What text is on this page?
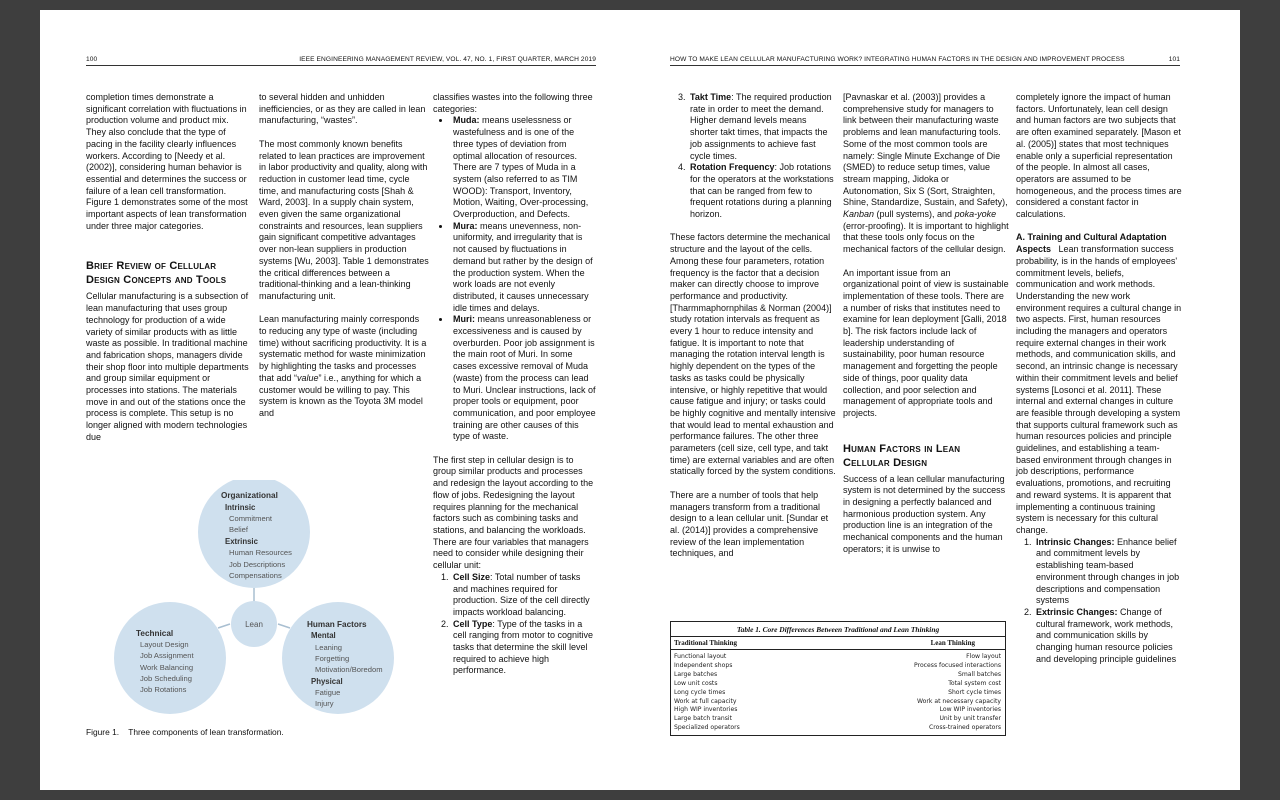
100	IEEE ENGINEERING MANAGEMENT REVIEW, VOL. 47, NO. 1, FIRST QUARTER, MARCH 2019

completion times demonstrate a significant correlation with fluctuations in production volume and product mix. They also conclude that the type of pacing in the facility clearly influences workers. According to [Needy et al. (2002)], considering human behavior is essential and determines the success or failure of a lean cell transformation. Figure 1 demonstrates some of the most important aspects of lean transformation under three major categories.

Brief Review of Cellular Design Concepts and Tools

Cellular manufacturing is a subsection of lean manufacturing that uses group technology for production of a wide variety of similar products with as little waste as possible. In traditional machine and fabrication shops, managers divide their shop floor into multiple departments and group similar equipment or processes into stations. The materials move in and out of the stations once the process is complete. This setup is no longer aligned with modern technologies due

to several hidden and unhidden inefficiencies, or as they are called in lean manufacturing, “wastes”.

The most commonly known benefits related to lean practices are improvement in labor productivity and quality, along with reduction in customer lead time, cycle time, and manufacturing costs [Shah & Ward, 2003]. In a supply chain system, even given the same organizational constraints and resources, lean suppliers gain significant competitive advantages over non-lean suppliers in production systems [Wu, 2003]. Table 1 demonstrates the critical differences between a traditional-thinking and a lean-thinking manufacturing unit.

Lean manufacturing mainly corresponds to reducing any type of waste (including time) without sacrificing productivity. It is a systematic method for waste minimization by highlighting the tasks and processes that add “value” i.e., anything for which a customer would be willing to pay. This system is known as the Toyota 3M model and

classifies wastes into the following three categories:

• Muda: means uselessness or wastefulness and is one of the three types of deviation from optimal allocation of resources. There are 7 types of Muda in a system (also referred to as TIM WOOD): Transport, Inventory, Motion, Waiting, Over-processing, Overproduction, and Defects.
• Mura: means unevenness, non-uniformity, and irregularity that is not caused by fluctuations in demand but rather by the design of the production system. When the work loads are not evenly distributed, it causes unnecessary idle times and delays.
• Muri: means unreasonableness or excessiveness and is caused by overburden. Poor job assignment is the main root of Muri. In some cases excessive removal of Muda (waste) from the process can lead to Muri. Unclear instructions, lack of proper tools or equipment, poor communication, and poor employee training are other causes of this type of waste.

The first step in cellular design is to group similar products and processes and redesign the layout according to the flow of jobs. Redesigning the layout requires planning for the mechanical factors such as combining tasks and stations, and balancing the workloads. There are four variables that managers need to consider while designing their cellular unit:

1. Cell Size: Total number of tasks and machines required for production. Size of the cell directly impacts workload balancing.
2. Cell Type: Type of the tasks in a cell ranging from motor to cognitive tasks that determine the skill level required to achieve high performance.
Lean
Organizational
Intrinsic
Commitment
Belief
Extrinsic
Human Resources
Job Descriptions
Compensations
Technical
Layout Design
Job Assignment
Work Balancing
Job Scheduling
Job Rotations
Human Factors
Mental
Leaning
Forgetting
Motivation/Boredom
Physical
Fatigue
Injury
Figure 1.    Three components of lean transformation.
HOW TO MAKE LEAN CELLULAR MANUFACTURING WORK? INTEGRATING HUMAN FACTORS IN THE DESIGN AND IMPROVEMENT PROCESS	101
3. Takt Time: The required production rate in order to meet the demand. Higher demand levels means shorter takt times, that impacts the job assignments to achieve fast cycle times.
4. Rotation Frequency: Job rotations for the operators at the workstations that can be ranged from few to frequent rotations during a planning horizon.

These factors determine the mechanical structure and the layout of the cells. Among these four parameters, rotation frequency is the factor that a decision maker can directly choose to improve performance and productivity. [Tharmmaphornphilas & Norman (2004)] study rotation intervals as frequent as every 1 hour to reduce intensity and fatigue. It is important to note that managing the rotation interval length is highly dependent on the types of the tasks as tasks could be physically intensive, or highly repetitive that would cause fatigue and injury; or tasks could be highly cognitive and mentally intensive that would lead to mental exhaustion and performance failures. The other three parameters (cell size, cell type, and takt time) are external variables and are often statically forced by the system conditions.

There are a number of tools that help managers transform from a traditional design to a lean cellular unit. [Sundar et al. (2014)] provides a comprehensive review of the lean implementation techniques, and

[Pavnaskar et al. (2003)] provides a comprehensive study for managers to link between their manufacturing waste problems and lean manufacturing tools. Some of the most common tools are namely: Single Minute Exchange of Die (SMED) to reduce setup times, value stream mapping, Jidoka or Autonomation, Six S (Sort, Straighten, Shine, Standardize, Sustain, and Safety), Kanban (pull systems), and poka-yoke (error-proofing). It is important to highlight that these tools only focus on the mechanical factors of the cellular design.

An important issue from an organizational point of view is sustainable implementation of these tools. There are a number of risks that institutes need to examine for lean deployment [Galli, 2018 b]. The risk factors include lack of leadership understanding of sustainability, poor human resource management and forgetting the people side of things, poor quality data collection, and poor selection and management of appropriate tools and projects.

Human Factors in Lean Cellular Design

Success of a lean cellular manufacturing system is not determined by the success in designing a perfectly balanced and harmonious production system. Any production line is an integration of the mechanical components and the human operators; it is unwise to

completely ignore the impact of human factors. Unfortunately, lean cell design and human factors are two subjects that are often examined separately. [Mason et al. (2005)] states that most techniques enable only a superficial representation of the people. In almost all cases, operators are assumed to be homogeneous, and the process times are considered a constant factor in calculations.

A. Training and Cultural Adaptation Aspects Lean transformation success probability, is in the hands of employees' commitment levels, beliefs, communication and work methods. Understanding the new work environment requires a cultural change in two aspects. First, human resources including the managers and operators require external changes in their work methods, and communication skills, and second, an intrinsic change is necessary within their commitment levels and belief systems [Losonci et al. 2011]. These internal and external changes in culture are feasible through developing a system that supports cultural framework such as human resources policies and principle guidelines, and establishing a team-based environment through changes in job descriptions, performance evaluations, promotions, and recruiting and reward systems. It is apparent that implementing a continuous training system is necessary for this cultural change.

1. Intrinsic Changes: Enhance belief and commitment levels by establishing team-based environment through changes in job descriptions and compensation systems
2. Extrinsic Changes: Change of cultural framework, work methods, and communication skills by changing human resource policies and developing principle guidelines
Table 1. Core Differences Between Traditional and Lean Thinking
Traditional Thinking	Lean Thinking
Functional layout	Flow layout
Independent shops	Process focused interactions
Large batches	Small batches
Low unit costs	Total system cost
Long cycle times	Short cycle times
Work at full capacity	Work at necessary capacity
High WIP inventories	Low WIP inventories
Large batch transit	Unit by unit transfer
Specialized operators	Cross-trained operators
